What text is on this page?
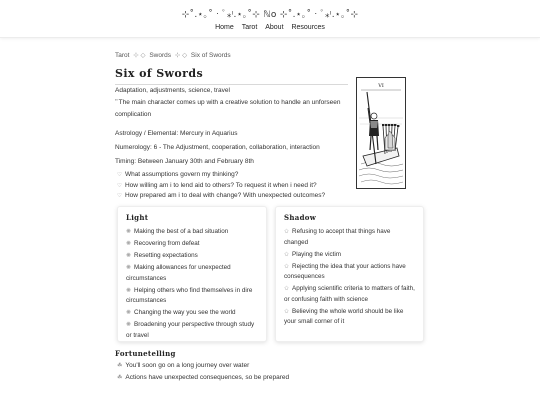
⊹˚.⋆｡˚•ﾟ⁎ᵎ.⋆｡˚⊹ ℕ໐ ⊹˚.⋆｡˚•ﾟ⁎ᵎ.⋆｡˚⊹
Home Tarot About Resources
Tarot ⊹ ◇ Swords ⊹ ◇ Six of Swords
Six of Swords
Adaptation, adjustments, science, travel
”The main character comes up with a creative solution to handle an unforseen complication
Astrology / Elemental: Mercury in Aquarius
Numerology: 6 - The Adjustment, cooperation, collaboration, interaction
Timing: Between January 30th and February 8th
♡ What assumptions govern my thinking?
♡ How willing am i to lend aid to others? To request it when i need it?
♡ How prepared am i to deal with change? With unexpected outcomes?
VI
Light
✺ Making the best of a bad situation
✺ Recovering from defeat
✺ Resetting expectations
✺ Making allowances for unexpected circumstances
✺ Helping others who find themselves in dire circumstances
✺ Changing the way you see the world
✺ Broadening your perspective through study or travel
Shadow
✩ Refusing to accept that things have changed
✩ Playing the victim
✩ Rejecting the idea that your actions have consequences
✩ Applying scientific criteria to matters of faith, or confusing faith with science
✩ Believing the whole world should be like your small corner of it
Fortunetelling
☘ You'll soon go on a long journey over water
☘ Actions have unexpected consequences, so be prepared
